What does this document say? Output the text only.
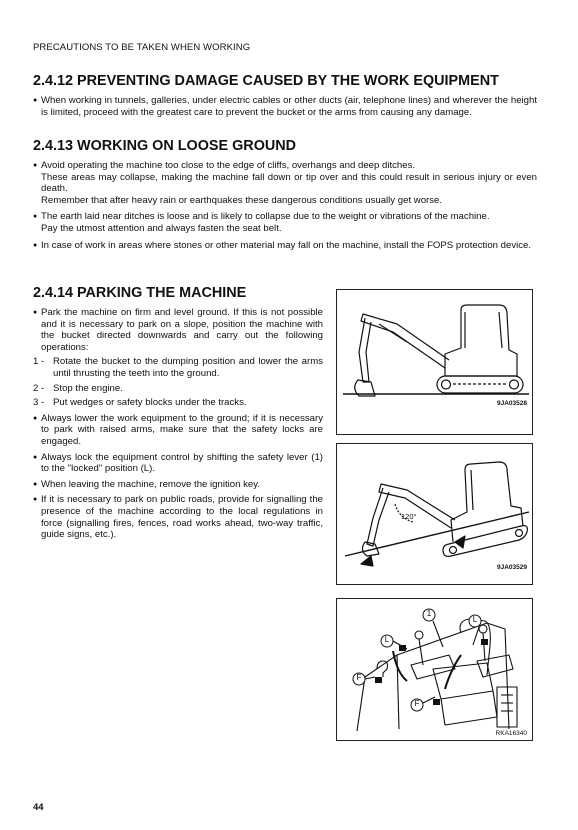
PRECAUTIONS TO BE TAKEN WHEN WORKING
2.4.12 PREVENTING DAMAGE CAUSED BY THE WORK EQUIPMENT
● When working in tunnels, galleries, under electric cables or other ducts (air, telephone lines) and wherever the height is limited, proceed with the greatest care to prevent the bucket or the arms from causing any damage.
2.4.13 WORKING ON LOOSE GROUND
● Avoid operating the machine too close to the edge of cliffs, overhangs and deep ditches.
These areas may collapse, making the machine fall down or tip over and this could result in serious injury or even death.
Remember that after heavy rain or earthquakes these dangerous conditions usually get worse.
● The earth laid near ditches is loose and is likely to collapse due to the weight or vibrations of the machine.
Pay the utmost attention and always fasten the seat belt.
● In case of work in areas where stones or other material may fall on the machine, install the FOPS protection device.
2.4.14 PARKING THE MACHINE
● Park the machine on firm and level ground. If this is not possible and it is necessary to park on a slope, position the machine with the bucket directed downwards and carry out the following operations:
1 - Rotate the bucket to the dumping position and lower the arms until thrusting the teeth into the ground.
2 - Stop the engine.
3 - Put wedges or safety blocks under the tracks.
● Always lower the work equipment to the ground; if it is necessary to park with raised arms, make sure that the safety locks are engaged.
● Always lock the equipment control by shifting the safety lever (1) to the "locked" position (L).
● When leaving the machine, remove the ignition key.
● If it is necessary to park on public roads, provide for signalling the presence of the machine according to the local regulations in force (signalling fires, fences, road works ahead, two-way traffic, guide signs, etc.).
9JA03528
120°
9JA03529
1
L
L
F
F
RKA16340
44
